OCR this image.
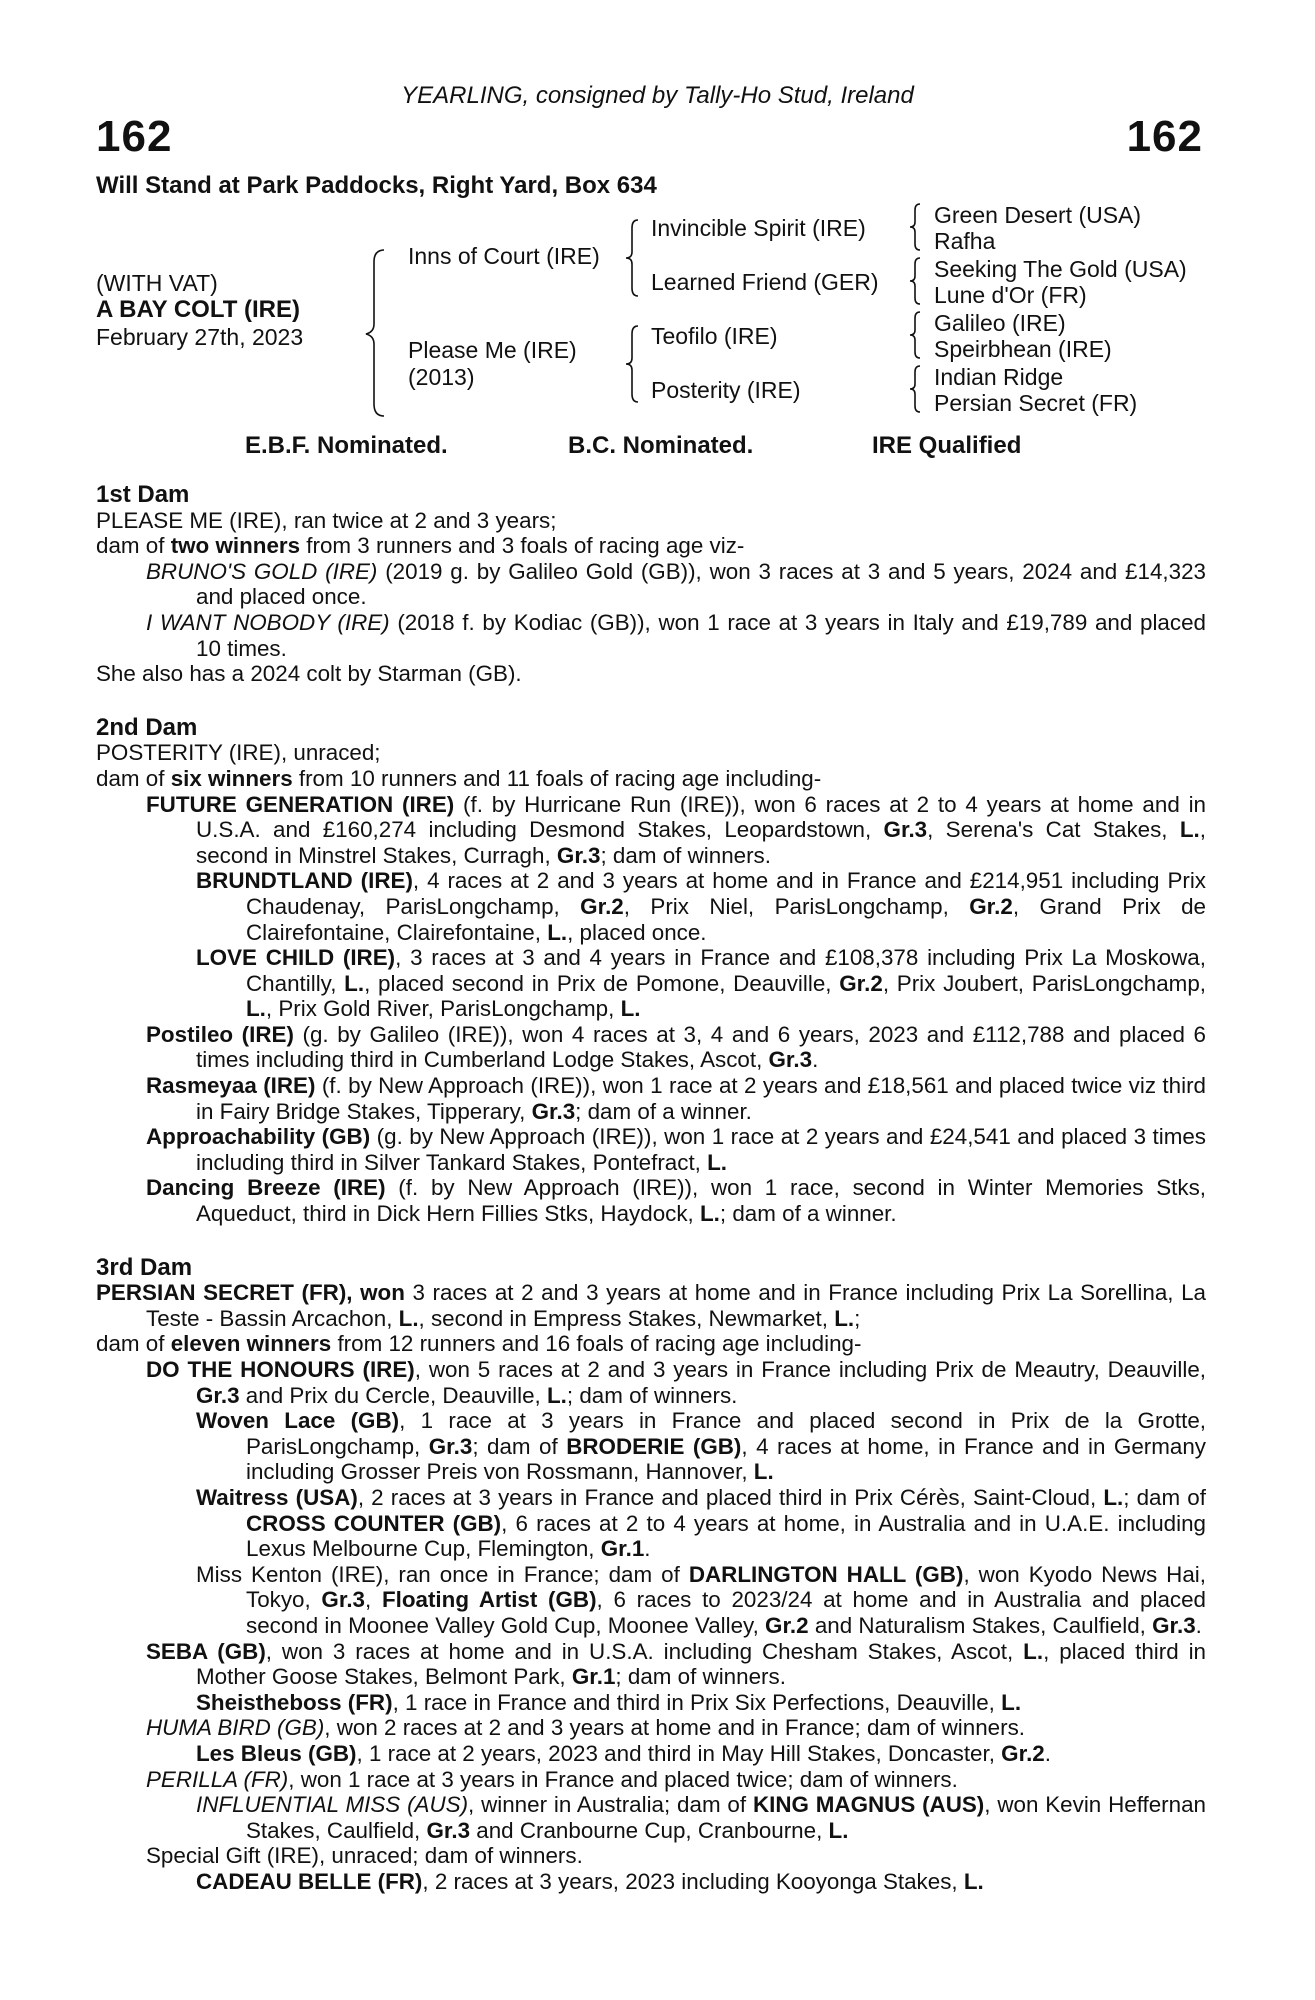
162	162
YEARLING, consigned by Tally-Ho Stud, Ireland
Will Stand at Park Paddocks, Right Yard, Box 634
(WITH VAT)
A BAY COLT (IRE)
February 27th, 2023
Inns of Court (IRE)
Please Me (IRE)
(2013)
Invincible Spirit (IRE)
Learned Friend (GER)
Teofilo (IRE)
Posterity (IRE)
Green Desert (USA)
Rafha
Seeking The Gold (USA)
Lune d'Or (FR)
Galileo (IRE)
Speirbhean (IRE)
Indian Ridge
Persian Secret (FR)
E.B.F. Nominated.	B.C. Nominated.	IRE Qualified

1st Dam

PLEASE ME (IRE), ran twice at 2 and 3 years;

dam of two winners from 3 runners and 3 foals of racing age viz-

BRUNO'S GOLD (IRE) (2019 g. by Galileo Gold (GB)), won 3 races at 3 and 5 years, 2024 and £14,323 and placed once.

I WANT NOBODY (IRE) (2018 f. by Kodiac (GB)), won 1 race at 3 years in Italy and £19,789 and placed 10 times.

She also has a 2024 colt by Starman (GB).

2nd Dam

POSTERITY (IRE), unraced;

dam of six winners from 10 runners and 11 foals of racing age including-

FUTURE GENERATION (IRE) (f. by Hurricane Run (IRE)), won 6 races at 2 to 4 years at home and in U.S.A. and £160,274 including Desmond Stakes, Leopardstown, Gr.3, Serena's Cat Stakes, L., second in Minstrel Stakes, Curragh, Gr.3; dam of winners.

BRUNDTLAND (IRE), 4 races at 2 and 3 years at home and in France and £214,951 including Prix Chaudenay, ParisLongchamp, Gr.2, Prix Niel, ParisLongchamp, Gr.2, Grand Prix de Clairefontaine, Clairefontaine, L., placed once.

LOVE CHILD (IRE), 3 races at 3 and 4 years in France and £108,378 including Prix La Moskowa, Chantilly, L., placed second in Prix de Pomone, Deauville, Gr.2, Prix Joubert, ParisLongchamp, L., Prix Gold River, ParisLongchamp, L.

Postileo (IRE) (g. by Galileo (IRE)), won 4 races at 3, 4 and 6 years, 2023 and £112,788 and placed 6 times including third in Cumberland Lodge Stakes, Ascot, Gr.3.

Rasmeyaa (IRE) (f. by New Approach (IRE)), won 1 race at 2 years and £18,561 and placed twice viz third in Fairy Bridge Stakes, Tipperary, Gr.3; dam of a winner.

Approachability (GB) (g. by New Approach (IRE)), won 1 race at 2 years and £24,541 and placed 3 times including third in Silver Tankard Stakes, Pontefract, L.

Dancing Breeze (IRE) (f. by New Approach (IRE)), won 1 race, second in Winter Memories Stks, Aqueduct, third in Dick Hern Fillies Stks, Haydock, L.; dam of a winner.

3rd Dam

PERSIAN SECRET (FR), won 3 races at 2 and 3 years at home and in France including Prix La Sorellina, La Teste - Bassin Arcachon, L., second in Empress Stakes, Newmarket, L.;

dam of eleven winners from 12 runners and 16 foals of racing age including-

DO THE HONOURS (IRE), won 5 races at 2 and 3 years in France including Prix de Meautry, Deauville, Gr.3 and Prix du Cercle, Deauville, L.; dam of winners.

Woven Lace (GB), 1 race at 3 years in France and placed second in Prix de la Grotte, ParisLongchamp, Gr.3; dam of BRODERIE (GB), 4 races at home, in France and in Germany including Grosser Preis von Rossmann, Hannover, L.

Waitress (USA), 2 races at 3 years in France and placed third in Prix Cérès, Saint-Cloud, L.; dam of CROSS COUNTER (GB), 6 races at 2 to 4 years at home, in Australia and in U.A.E. including Lexus Melbourne Cup, Flemington, Gr.1.

Miss Kenton (IRE), ran once in France; dam of DARLINGTON HALL (GB), won Kyodo News Hai, Tokyo, Gr.3, Floating Artist (GB), 6 races to 2023/24 at home and in Australia and placed second in Moonee Valley Gold Cup, Moonee Valley, Gr.2 and Naturalism Stakes, Caulfield, Gr.3.

SEBA (GB), won 3 races at home and in U.S.A. including Chesham Stakes, Ascot, L., placed third in Mother Goose Stakes, Belmont Park, Gr.1; dam of winners.

Sheistheboss (FR), 1 race in France and third in Prix Six Perfections, Deauville, L.

HUMA BIRD (GB), won 2 races at 2 and 3 years at home and in France; dam of winners.

Les Bleus (GB), 1 race at 2 years, 2023 and third in May Hill Stakes, Doncaster, Gr.2.

PERILLA (FR), won 1 race at 3 years in France and placed twice; dam of winners.

INFLUENTIAL MISS (AUS), winner in Australia; dam of KING MAGNUS (AUS), won Kevin Heffernan Stakes, Caulfield, Gr.3 and Cranbourne Cup, Cranbourne, L.

Special Gift (IRE), unraced; dam of winners.

CADEAU BELLE (FR), 2 races at 3 years, 2023 including Kooyonga Stakes, L.
